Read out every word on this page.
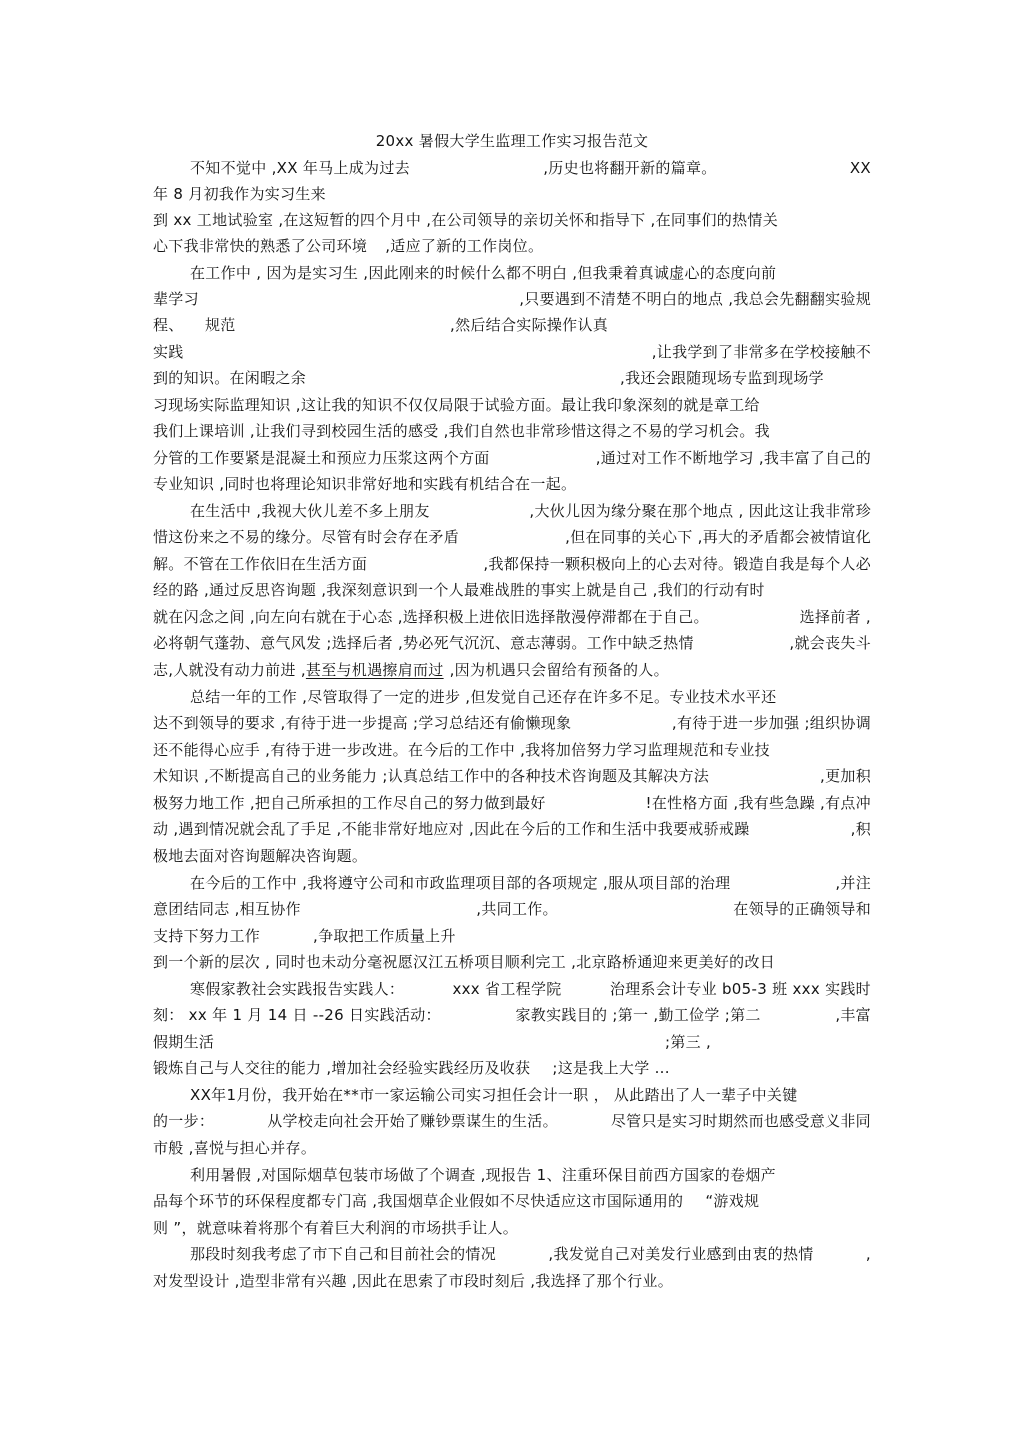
20xx 暑假大学生监理工作实习报告范文
不知不觉中 ,XX 年马上成为过去	,历史也将翻开新的篇章。	XX
年 8 月初我作为实习生来
到 xx 工地试验室 ,在这短暂的四个月中 ,在公司领导的亲切关怀和指导下 ,在同事们的热情关
心下我非常快的熟悉了公司环境 ,适应了新的工作岗位。
在工作中 , 因为是实习生 ,因此刚来的时候什么都不明白 ,但我秉着真诚虚心的态度向前
辈学习	,只要遇到不清楚不明白的地点 ,我总会先翻翻实验规
程、	规范	,然后结合实际操作认真
实践	,让我学到了非常多在学校接触不
到的知识。在闲暇之余	,我还会跟随现场专监到现场学
习现场实际监理知识 ,这让我的知识不仅仅局限于试验方面。最让我印象深刻的就是章工给
我们上课培训 ,让我们寻到校园生活的感受 ,我们自然也非常珍惜这得之不易的学习机会。我
分管的工作要紧是混凝土和预应力压浆这两个方面	,通过对工作不断地学习 ,我丰富了自己的
专业知识 ,同时也将理论知识非常好地和实践有机结合在一起。
在生活中 ,我视大伙儿差不多上朋友	,大伙儿因为缘分聚在那个地点 , 因此这让我非常珍
惜这份来之不易的缘分。尽管有时会存在矛盾	,但在同事的关心下 ,再大的矛盾都会被情谊化
解。不管在工作依旧在生活方面	,我都保持一颗积极向上的心去对待。锻造自我是每个人必
经的路 ,通过反思咨询题 ,我深刻意识到一个人最难战胜的事实上就是自己 ,我们的行动有时
就在闪念之间 ,向左向右就在于心态 ,选择积极上进依旧选择散漫停滞都在于自己。	选择前者 ,
必将朝气蓬勃、意气风发 ;选择后者 ,势必死气沉沉、意志薄弱。工作中缺乏热情	,就会丧失斗
志,人就没有动力前进 , 甚至与机遇擦肩而过 ,因为机遇只会留给有预备的人。
总结一年的工作 ,尽管取得了一定的进步 ,但发觉自己还存在许多不足。专业技术水平还
达不到领导的要求 ,有待于进一步提高 ;学习总结还有偷懒现象	,有待于进一步加强 ;组织协调
还不能得心应手 ,有待于进一步改进。在今后的工作中 ,我将加倍努力学习监理规范和专业技
术知识 ,不断提高自己的业务能力 ;认真总结工作中的各种技术咨询题及其解决方法	,更加积
极努力地工作 ,把自己所承担的工作尽自己的努力做到最好	!在性格方面 ,我有些急躁 ,有点冲
动 ,遇到情况就会乱了手足 ,不能非常好地应对 ,因此在今后的工作和生活中我要戒骄戒躁	,积
极地去面对咨询题解决咨询题。
在今后的工作中 ,我将遵守公司和市政监理项目部的各项规定 ,服从项目部的治理	,并注
意团结同志 ,相互协作	,共同工作。	在领导的正确领导和
支持下努力工作	,争取把工作质量上升
到一个新的层次 , 同时也未动分毫祝愿汉江五桥项目顺利完工 ,北京路桥通迎来更美好的改日
寒假家教社会实践报告实践人：	xxx 省工程学院	治理系会计专业 b05-3 班 xxx 实践时
刻： xx 年 1 月 14 日 --26 日实践活动：	家教实践目的 ;第一 ,勤工俭学 ;第二	,丰富
假期生活	;第三 ,
锻炼自己与人交往的能力 ,增加社会经验实践经历及收获 ;这是我上大学 ...
XX年1月份，我开始在**市一家运输公司实习担任会计一职 ， 从此踏出了人一辈子中关键
的一步：	从学校走向社会开始了赚钞票谋生的生活。	尽管只是实习时期然而也感受意义非同
市般 ,喜悦与担心并存。
利用暑假 ,对国际烟草包装市场做了个调查 ,现报告 1、注重环保目前西方国家的卷烟产
品每个环节的环保程度都专门高 ,我国烟草企业假如不尽快适应这市国际通用的 “游戏规
则 ”，就意味着将那个有着巨大利润的市场拱手让人。
那段时刻我考虑了市下自己和目前社会的情况	,我发觉自己对美发行业感到由衷的热情	,
对发型设计 ,造型非常有兴趣 ,因此在思索了市段时刻后 ,我选择了那个行业。
